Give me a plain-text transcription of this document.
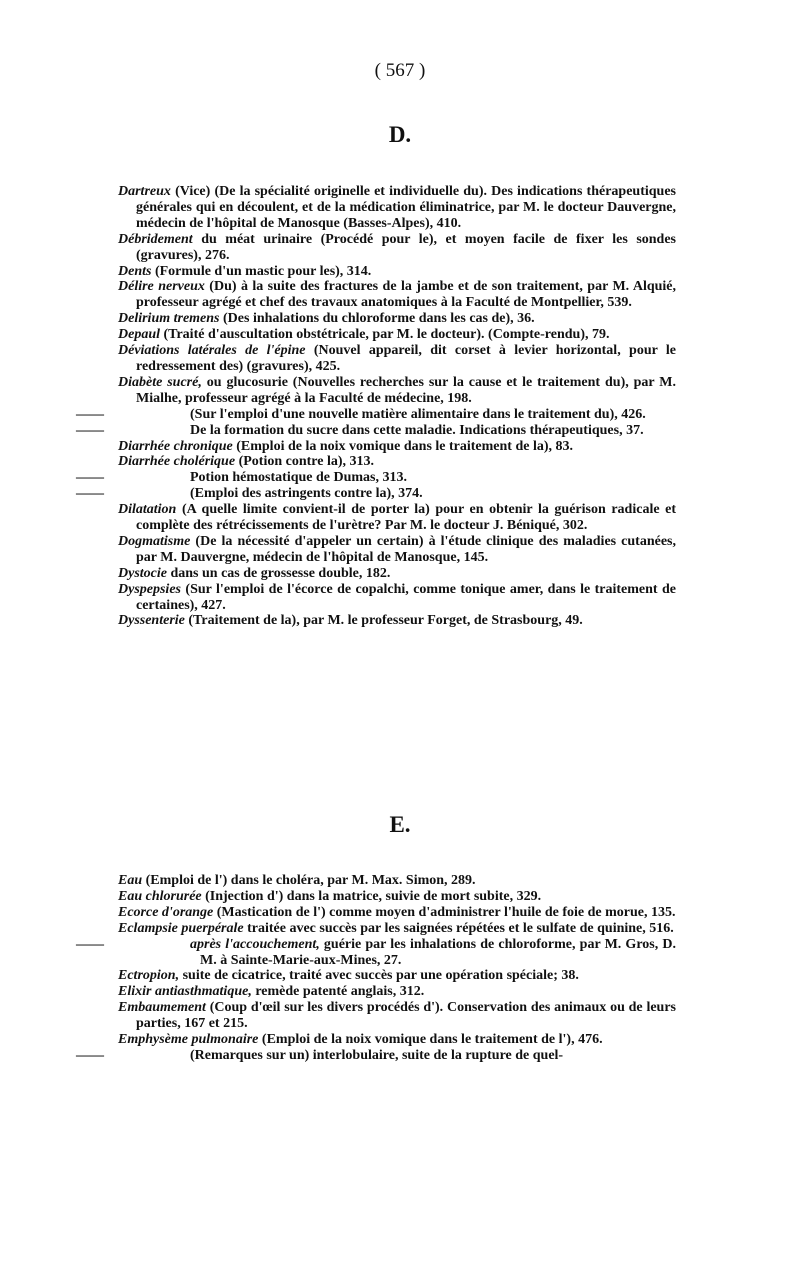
( 567 )
D.

Dartreux (Vice) (De la spécialité originelle et individuelle du). Des indications thérapeutiques générales qui en découlent, et de la médication éliminatrice, par M. le docteur Dauvergne, médecin de l'hôpital de Manosque (Basses-Alpes), 410.

Débridement du méat urinaire (Procédé pour le), et moyen facile de fixer les sondes (gravures), 276.

Dents (Formule d'un mastic pour les), 314.

Délire nerveux (Du) à la suite des fractures de la jambe et de son traitement, par M. Alquié, professeur agrégé et chef des travaux anatomiques à la Faculté de Montpellier, 539.

Delirium tremens (Des inhalations du chloroforme dans les cas de), 36.

Depaul (Traité d'auscultation obstétricale, par M. le docteur). (Compte-rendu), 79.

Déviations latérales de l'épine (Nouvel appareil, dit corset à levier horizontal, pour le redressement des) (gravures), 425.

Diabète sucré, ou glucosurie (Nouvelles recherches sur la cause et le traitement du), par M. Mialhe, professeur agrégé à la Faculté de médecine, 198.

——	(Sur l'emploi d'une nouvelle matière alimentaire dans le traitement du), 426.

——	De la formation du sucre dans cette maladie. Indications thérapeutiques, 37.

Diarrhée chronique (Emploi de la noix vomique dans le traitement de la), 83.

Diarrhée cholérique (Potion contre la), 313.

——	Potion hémostatique de Dumas, 313.

——	(Emploi des astringents contre la), 374.

Dilatation (A quelle limite convient-il de porter la) pour en obtenir la guérison radicale et complète des rétrécissements de l'urètre? Par M. le docteur J. Béniqué, 302.

Dogmatisme (De la nécessité d'appeler un certain) à l'étude clinique des maladies cutanées, par M. Dauvergne, médecin de l'hôpital de Manosque, 145.

Dystocie dans un cas de grossesse double, 182.

Dyspepsies (Sur l'emploi de l'écorce de copalchi, comme tonique amer, dans le traitement de certaines), 427.

Dyssenterie (Traitement de la), par M. le professeur Forget, de Strasbourg, 49.

E.

Eau (Emploi de l') dans le choléra, par M. Max. Simon, 289.

Eau chlorurée (Injection d') dans la matrice, suivie de mort subite, 329.

Ecorce d'orange (Mastication de l') comme moyen d'administrer l'huile de foie de morue, 135.

Eclampsie puerpérale traitée avec succès par les saignées répétées et le sulfate de quinine, 516.

——	après l'accouchement, guérie par les inhalations de chloroforme, par M. Gros, D. M. à Sainte-Marie-aux-Mines, 27.

Ectropion, suite de cicatrice, traité avec succès par une opération spéciale; 38.

Elixir antiasthmatique, remède patenté anglais, 312.

Embaumement (Coup d'œil sur les divers procédés d'). Conservation des animaux ou de leurs parties, 167 et 215.

Emphysème pulmonaire (Emploi de la noix vomique dans le traitement de l'), 476.

——	(Remarques sur un) interlobulaire, suite de la rupture de quel-
